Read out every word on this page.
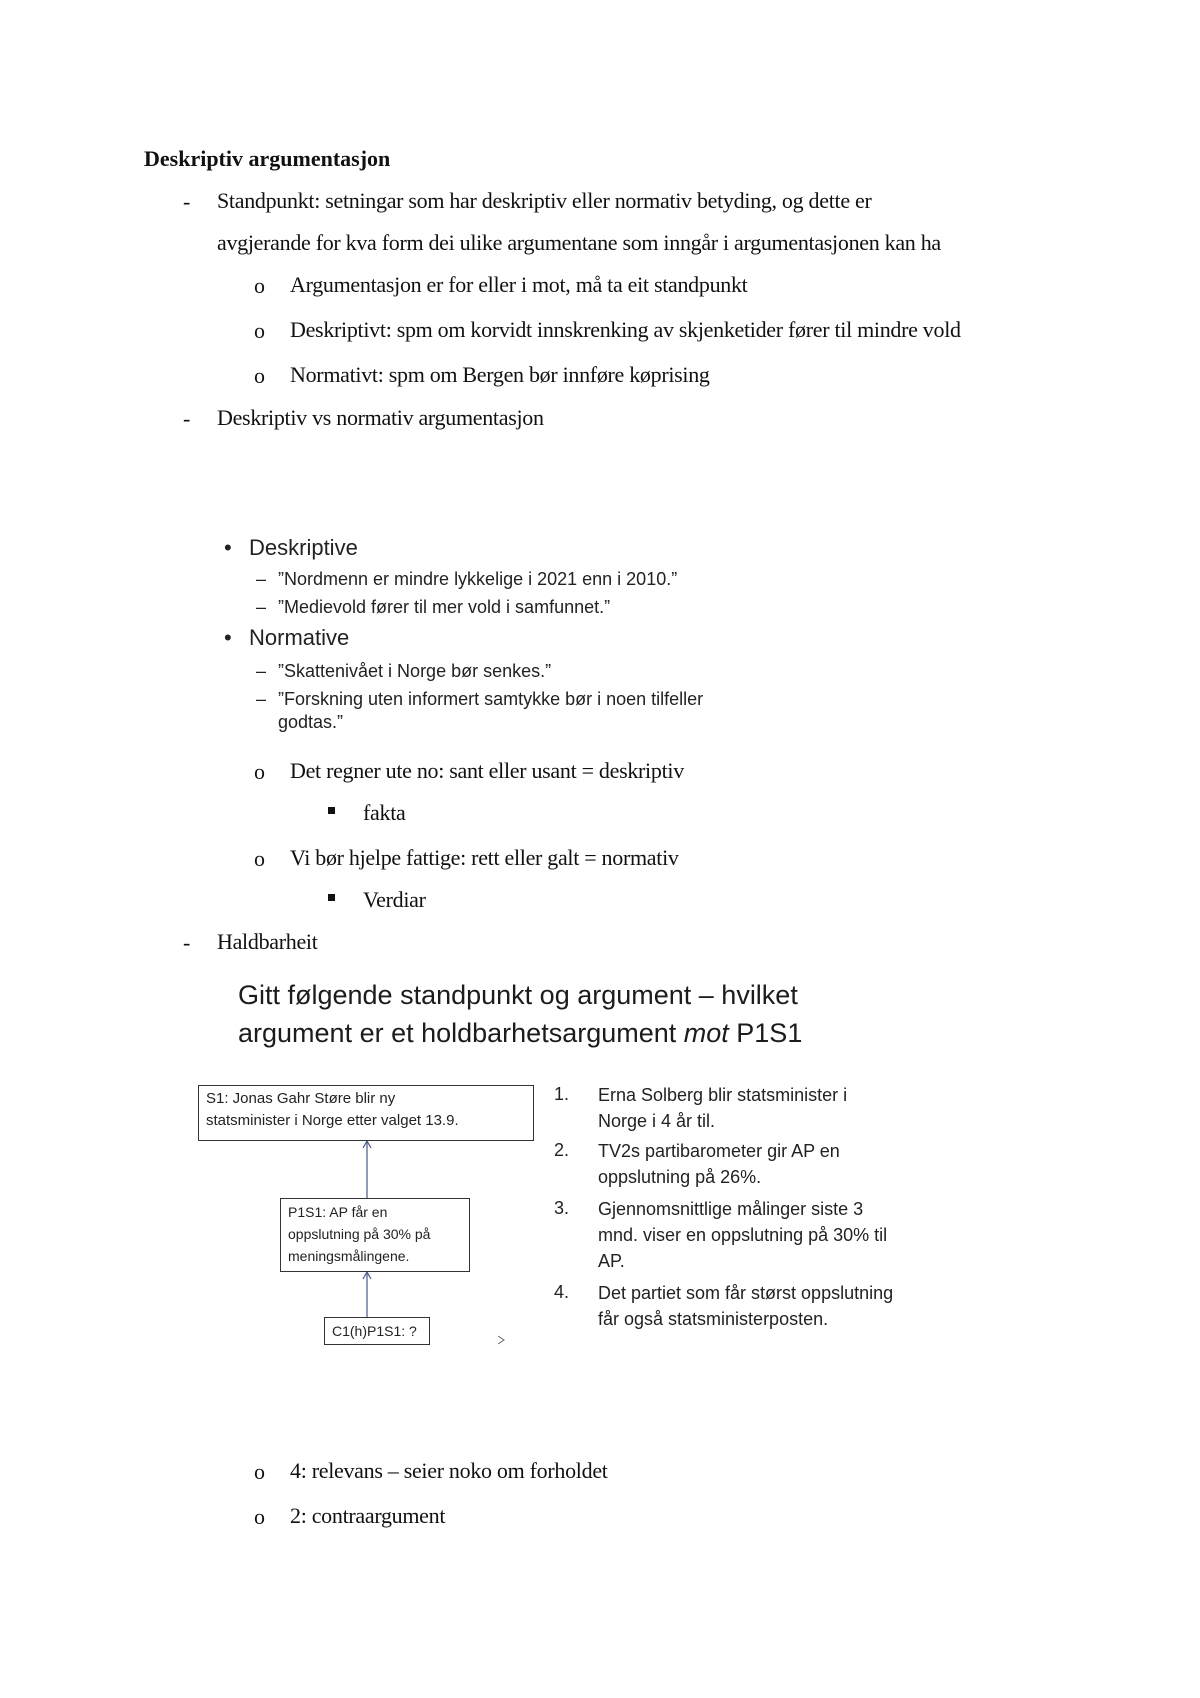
Deskriptiv argumentasjon
- Standpunkt: setningar som har deskriptiv eller normativ betyding, og dette er
avgjerande for kva form dei ulike argumentane som inngår i argumentasjonen kan ha
o Argumentasjon er for eller i mot, må ta eit standpunkt
o Deskriptivt: spm om korvidt innskrenking av skjenketider fører til mindre vold
o Normativt: spm om Bergen bør innføre køprising
- Deskriptiv vs normativ argumentasjon
• Deskriptive
– ”Nordmenn er mindre lykkelige i 2021 enn i 2010.”
– ”Medievold fører til mer vold i samfunnet.”
• Normative
– ”Skattenivået i Norge bør senkes.”
– ”Forskning uten informert samtykke bør i noen tilfeller
godtas.”
o Det regner ute no: sant eller usant = deskriptiv
fakta
o Vi bør hjelpe fattige: rett eller galt = normativ
Verdiar
- Haldbarheit
Gitt følgende standpunkt og argument – hvilket
argument er et holdbarhetsargument mot P1S1
S1: Jonas Gahr Støre blir ny
statsminister i Norge etter valget 13.9.
P1S1: AP får en
oppslutning på 30% på
meningsmålingene.
C1(h)P1S1: ?
1. Erna Solberg blir statsminister i Norge i 4 år til.
2. TV2s partibarometer gir AP en oppslutning på 26%.
3. Gjennomsnittlige målinger siste 3 mnd. viser en oppslutning på 30% til AP.
4. Det partiet som får størst oppslutning får også statsministerposten.
o 4: relevans – seier noko om forholdet
o 2: contraargument
